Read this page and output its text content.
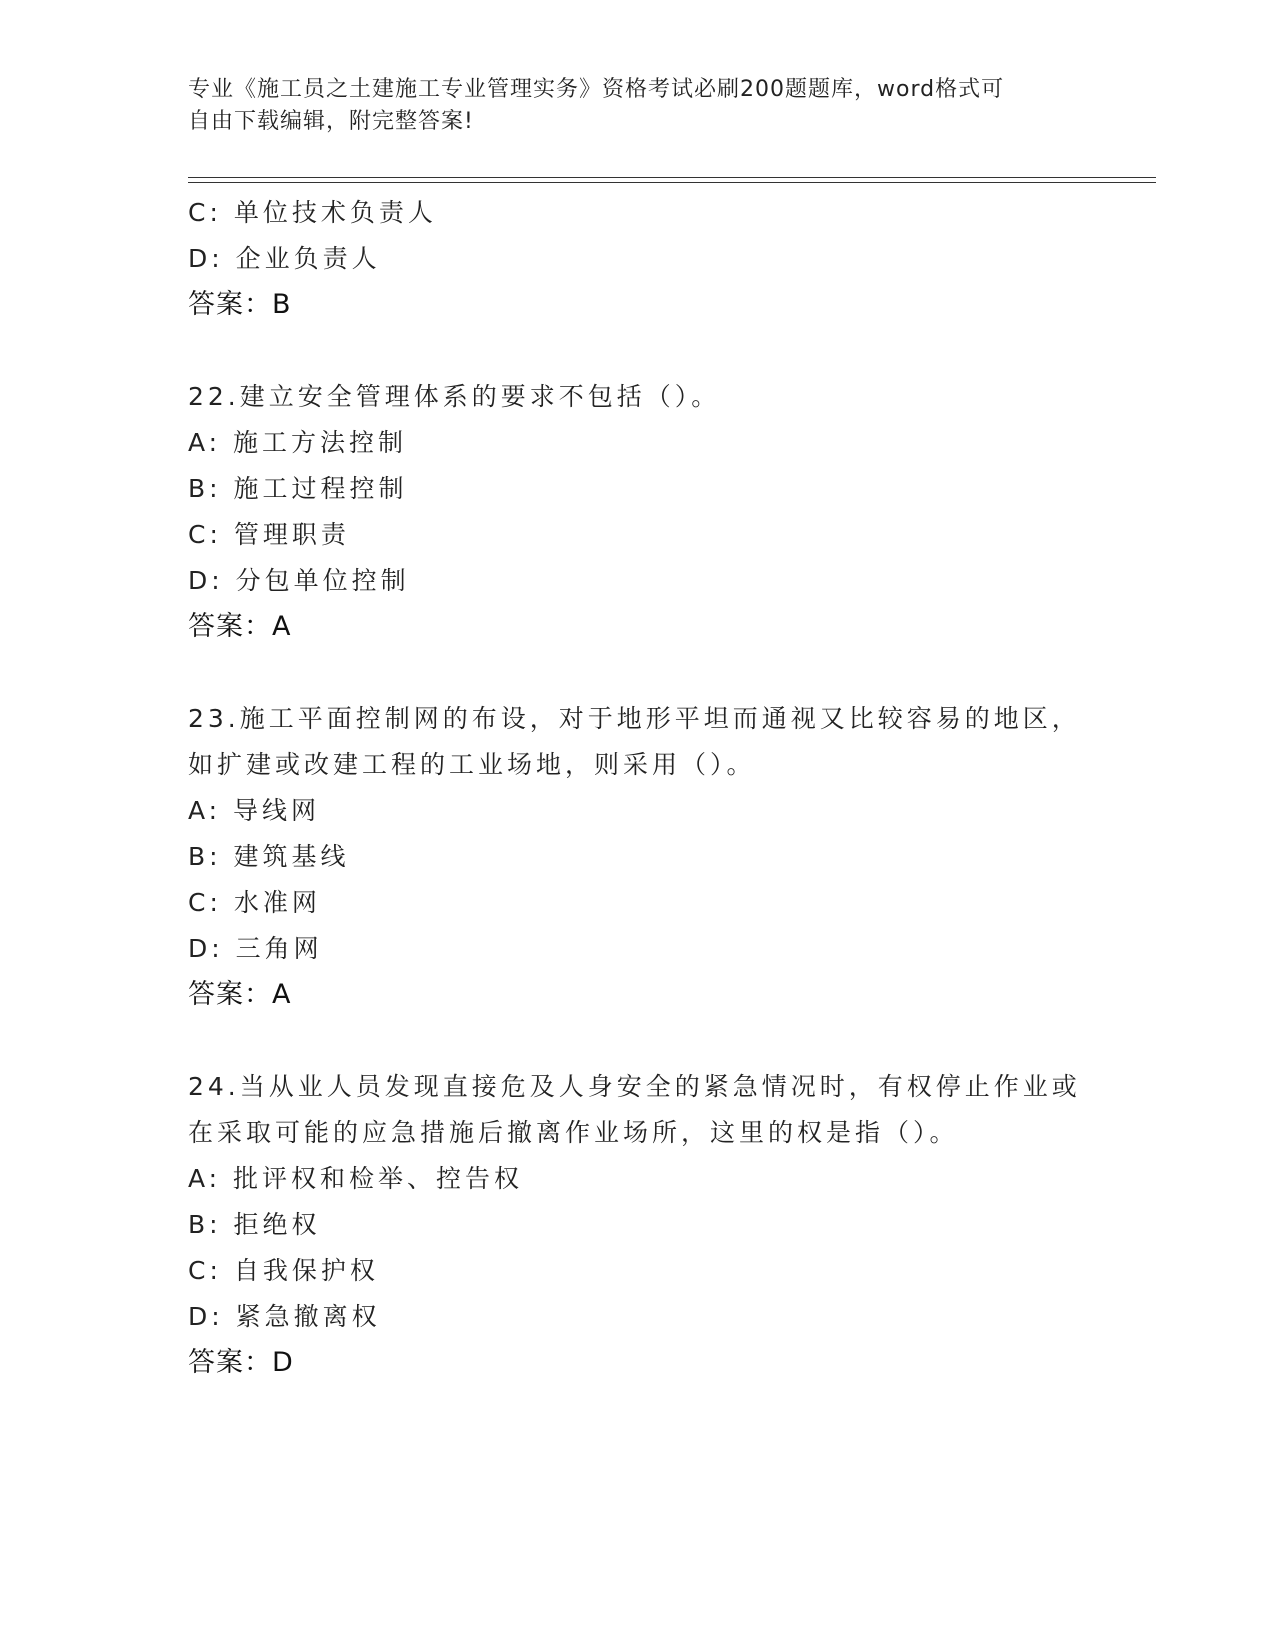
专业《施工员之土建施工专业管理实务》资格考试必刷200题题库，word格式可
自由下载编辑，附完整答案!
C: 单位技术负责人
D: 企业负责人
答案：B
22.建立安全管理体系的要求不包括（）。
A: 施工方法控制
B: 施工过程控制
C: 管理职责
D: 分包单位控制
答案：A
23.施工平面控制网的布设，对于地形平坦而通视又比较容易的地区，
如扩建或改建工程的工业场地，则采用（）。
A: 导线网
B: 建筑基线
C: 水准网
D: 三角网
答案：A
24.当从业人员发现直接危及人身安全的紧急情况时，有权停止作业或
在采取可能的应急措施后撤离作业场所，这里的权是指（）。
A: 批评权和检举、控告权
B: 拒绝权
C: 自我保护权
D: 紧急撤离权
答案：D
